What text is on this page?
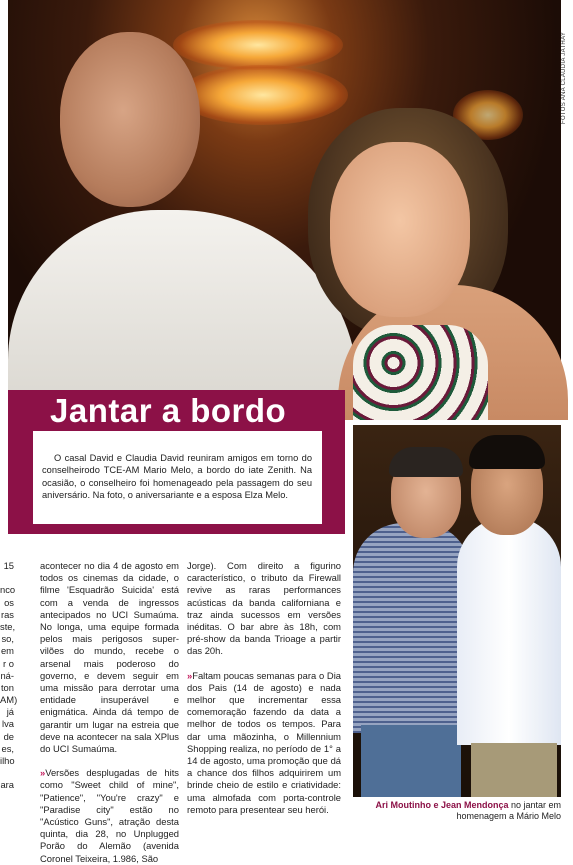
FOTOS ANA CLAUDIA JATHAY
Jantar a bordo
O casal David e Claudia David reuniram amigos em torno do conselheirodo TCE-AM Mario Melo, a bordo do iate Zenith. Na ocasião, o conselheiro foi homenageado pela passagem do seu aniversário. Na foto, o aniversariante e a esposa Elza Melo.
Ari Moutinho e Jean Mendonça no jantar em homenagem a Mário Melo
15
nco
os
ras
ste,
so,
em
r o
ná-
ton
AM)
já
lva
de
es,
ilho
ara

acontecer no dia 4 de agosto em todos os cinemas da cidade, o filme 'Esquadrão Suicida' está com a venda de ingressos antecipados no UCI Sumaúma. No longa, uma equipe formada pelos mais perigosos super-vilões do mundo, recebe o arsenal mais poderoso do governo, e devem seguir em uma missão para derrotar uma entidade insuperável e enigmática. Ainda dá tempo de garantir um lugar na estreia que deve na acontecer na sala XPlus do UCI Sumaúma.

»Versões desplugadas de hits como "Sweet child of mine", "Patience", "You're crazy" e "Paradise city" estão no "Acústico Guns", atração desta quinta, dia 28, no Unplugged Porão do Alemão (avenida Coronel Teixeira, 1.986, São

Jorge). Com direito a figurino característico, o tributo da Firewall revive as raras performances acústicas da banda californiana e traz ainda sucessos em versões inéditas. O bar abre às 18h, com pré-show da banda Trioage a partir das 20h.

»Faltam poucas semanas para o Dia dos Pais (14 de agosto) e nada melhor que incrementar essa comemoração fazendo da data a melhor de todos os tempos. Para dar uma mãozinha, o Millennium Shopping realiza, no período de 1° a 14 de agosto, uma promoção que dá a chance dos filhos adquirirem um brinde cheio de estilo e criatividade: uma almofada com porta-controle remoto para presentear seu herói.
